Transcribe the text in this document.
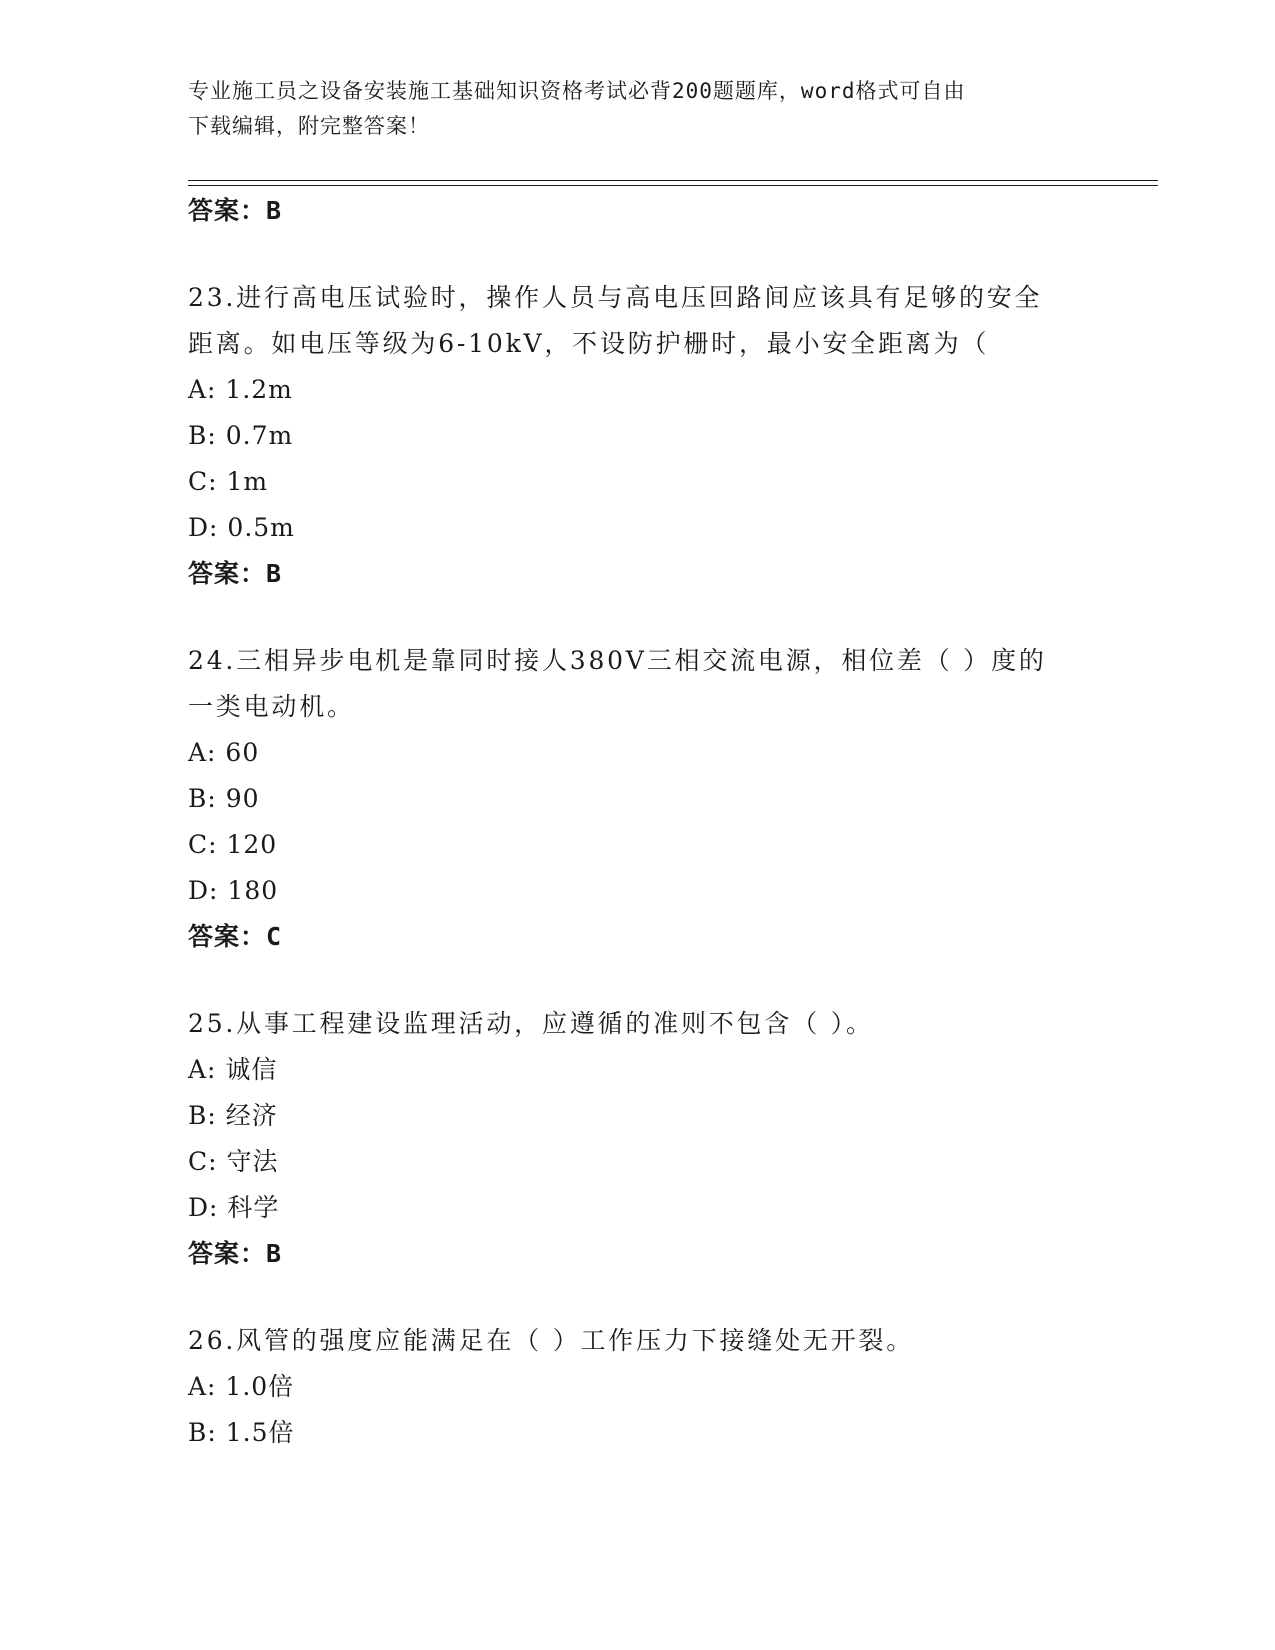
专业施工员之设备安装施工基础知识资格考试必背200题题库，word格式可自由
下载编辑，附完整答案！
答案：B
23.进行高电压试验时，操作人员与高电压回路间应该具有足够的安全
距离。如电压等级为6-10kV，不设防护栅时，最小安全距离为（
A: 1.2m
B: 0.7m
C: 1m
D: 0.5m
答案：B
24.三相异步电机是靠同时接人380V三相交流电源，相位差（ ）度的
一类电动机。
A: 60
B: 90
C: 120
D: 180
答案：C
25.从事工程建设监理活动，应遵循的准则不包含（ ）。
A: 诚信
B: 经济
C: 守法
D: 科学
答案：B
26.风管的强度应能满足在（ ）工作压力下接缝处无开裂。
A: 1.0倍
B: 1.5倍
